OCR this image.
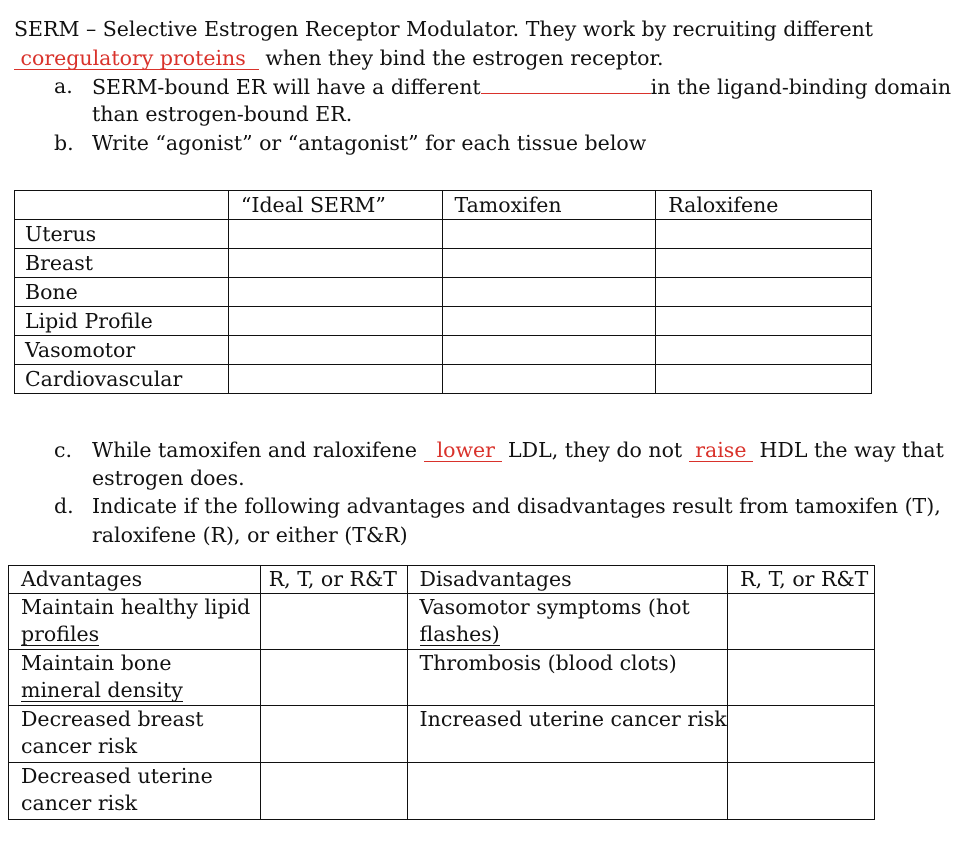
SERM – Selective Estrogen Receptor Modulator. They work by recruiting different
coregulatory proteins when they bind the estrogen receptor.
a. SERM-bound ER will have a different	in the ligand-binding domain
than estrogen-bound ER.
b. Write “agonist” or “antagonist” for each tissue below
	“Ideal SERM”	Tamoxifen	Raloxifene
Uterus			
Breast			
Bone			
Lipid Profile			
Vasomotor			
Cardiovascular			
c. While tamoxifen and raloxifene lower LDL, they do not raise HDL the way that
estrogen does.
d. Indicate if the following advantages and disadvantages result from tamoxifen (T),
raloxifene (R), or either (T&R)
Advantages	R, T, or R&T	Disadvantages	R, T, or R&T
Maintain healthy lipid
profiles		Vasomotor symptoms (hot
flashes)	

Maintain bone
mineral density		Thrombosis (blood clots)	

Decreased breast
cancer risk		Increased uterine cancer risk	

Decreased uterine
cancer risk			
